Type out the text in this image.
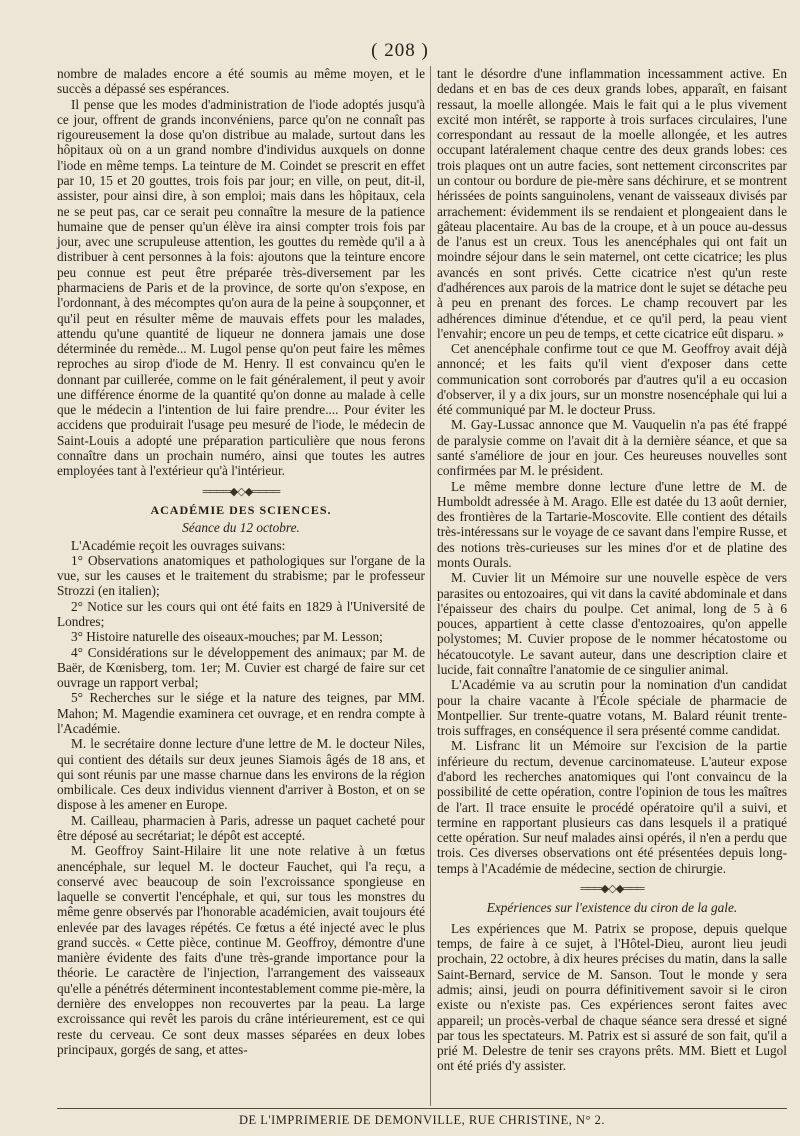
( 208 )

nombre de malades encore a été soumis au même moyen, et le succès a dépassé ses espérances.

Il pense que les modes d'administration de l'iode adoptés jusqu'à ce jour, offrent de grands inconvéniens, parce qu'on ne connaît pas rigoureusement la dose qu'on distribue au malade, surtout dans les hôpitaux où on a un grand nombre d'individus auxquels on donne l'iode en même temps. La teinture de M. Coindet se prescrit en effet par 10, 15 et 20 gouttes, trois fois par jour; en ville, on peut, dit-il, assister, pour ainsi dire, à son emploi; mais dans les hôpitaux, cela ne se peut pas, car ce serait peu connaître la mesure de la patience humaine que de penser qu'un élève ira ainsi compter trois fois par jour, avec une scrupuleuse attention, les gouttes du remède qu'il a à distribuer à cent personnes à la fois: ajoutons que la teinture encore peu connue est peut être préparée très-diversement par les pharmaciens de Paris et de la province, de sorte qu'on s'expose, en l'ordonnant, à des mécomptes qu'on aura de la peine à soupçonner, et qu'il peut en résulter même de mauvais effets pour les malades, attendu qu'une quantité de liqueur ne donnera jamais une dose déterminée du remède... M. Lugol pense qu'on peut faire les mêmes reproches au sirop d'iode de M. Henry. Il est convaincu qu'en le donnant par cuillerée, comme on le fait généralement, il peut y avoir une différence énorme de la quantité qu'on donne au malade à celle que le médecin a l'intention de lui faire prendre.... Pour éviter les accidens que produirait l'usage peu mesuré de l'iode, le médecin de Saint-Louis a adopté une préparation particulière que nous ferons connaître dans un prochain numéro, ainsi que toutes les autres employées tant à l'extérieur qu'à l'intérieur.

════◆◇◆════
ACADÉMIE DES SCIENCES.
Séance du 12 octobre.

L'Académie reçoit les ouvrages suivans:

1° Observations anatomiques et pathologiques sur l'organe de la vue, sur les causes et le traitement du strabisme; par le professeur Strozzi (en italien);

2° Notice sur les cours qui ont été faits en 1829 à l'Université de Londres;

3° Histoire naturelle des oiseaux-mouches; par M. Lesson;

4° Considérations sur le développement des animaux; par M. de Baër, de Kœnisberg, tom. 1er; M. Cuvier est chargé de faire sur cet ouvrage un rapport verbal;

5° Recherches sur le siége et la nature des teignes, par MM. Mahon; M. Magendie examinera cet ouvrage, et en rendra compte à l'Académie.

M. le secrétaire donne lecture d'une lettre de M. le docteur Niles, qui contient des détails sur deux jeunes Siamois âgés de 18 ans, et qui sont réunis par une masse charnue dans les environs de la région ombilicale. Ces deux individus viennent d'arriver à Boston, et on se dispose à les amener en Europe.

M. Cailleau, pharmacien à Paris, adresse un paquet cacheté pour être déposé au secrétariat; le dépôt est accepté.

M. Geoffroy Saint-Hilaire lit une note relative à un fœtus anencéphale, sur lequel M. le docteur Fauchet, qui l'a reçu, a conservé avec beaucoup de soin l'excroissance spongieuse en laquelle se convertit l'encéphale, et qui, sur tous les monstres du même genre observés par l'honorable académicien, avait toujours été enlevée par des lavages répétés. Ce fœtus a été injecté avec le plus grand succès. « Cette pièce, continue M. Geoffroy, démontre d'une manière évidente des faits d'une très-grande importance pour la théorie. Le caractère de l'injection, l'arrangement des vaisseaux qu'elle a pénétrés déterminent incontestablement comme pie-mère, la dernière des enveloppes non recouvertes par la peau. La large excroissance qui revêt les parois du crâne intérieurement, est ce qui reste du cerveau. Ce sont deux masses séparées en deux lobes principaux, gorgés de sang, et attes-

tant le désordre d'une inflammation incessamment active. En dedans et en bas de ces deux grands lobes, apparaît, en faisant ressaut, la moelle allongée. Mais le fait qui a le plus vivement excité mon intérêt, se rapporte à trois surfaces circulaires, l'une correspondant au ressaut de la moelle allongée, et les autres occupant latéralement chaque centre des deux grands lobes: ces trois plaques ont un autre facies, sont nettement circonscrites par un contour ou bordure de pie-mère sans déchirure, et se montrent hérissées de points sanguinolens, venant de vaisseaux divisés par arrachement: évidemment ils se rendaient et plongeaient dans le gâteau placentaire. Au bas de la croupe, et à un pouce au-dessus de l'anus est un creux. Tous les anencéphales qui ont fait un moindre séjour dans le sein maternel, ont cette cicatrice; les plus avancés en sont privés. Cette cicatrice n'est qu'un reste d'adhérences aux parois de la matrice dont le sujet se détache peu à peu en prenant des forces. Le champ recouvert par les adhérences diminue d'étendue, et ce qu'il perd, la peau vient l'envahir; encore un peu de temps, et cette cicatrice eût disparu. »

Cet anencéphale confirme tout ce que M. Geoffroy avait déjà annoncé; et les faits qu'il vient d'exposer dans cette communication sont corroborés par d'autres qu'il a eu occasion d'observer, il y a dix jours, sur un monstre nosencéphale qui lui a été communiqué par M. le docteur Pruss.

M. Gay-Lussac annonce que M. Vauquelin n'a pas été frappé de paralysie comme on l'avait dit à la dernière séance, et que sa santé s'améliore de jour en jour. Ces heureuses nouvelles sont confirmées par M. le président.

Le même membre donne lecture d'une lettre de M. de Humboldt adressée à M. Arago. Elle est datée du 13 août dernier, des frontières de la Tartarie-Moscovite. Elle contient des détails très-intéressans sur le voyage de ce savant dans l'empire Russe, et des notions très-curieuses sur les mines d'or et de platine des monts Ourals.

M. Cuvier lit un Mémoire sur une nouvelle espèce de vers parasites ou entozoaires, qui vit dans la cavité abdominale et dans l'épaisseur des chairs du poulpe. Cet animal, long de 5 à 6 pouces, appartient à cette classe d'entozoaires, qu'on appelle polystomes; M. Cuvier propose de le nommer hécatostome ou hécatoucotyle. Le savant auteur, dans une description claire et lucide, fait connaître l'anatomie de ce singulier animal.

L'Académie va au scrutin pour la nomination d'un candidat pour la chaire vacante à l'École spéciale de pharmacie de Montpellier. Sur trente-quatre votans, M. Balard réunit trente-trois suffrages, en conséquence il sera présenté comme candidat.

M. Lisfranc lit un Mémoire sur l'excision de la partie inférieure du rectum, devenue carcinomateuse. L'auteur expose d'abord les recherches anatomiques qui l'ont convaincu de la possibilité de cette opération, contre l'opinion de tous les maîtres de l'art. Il trace ensuite le procédé opératoire qu'il a suivi, et termine en rapportant plusieurs cas dans lesquels il a pratiqué cette opération. Sur neuf malades ainsi opérés, il n'en a perdu que trois. Ces diverses observations ont été présentées depuis long-temps à l'Académie de médecine, section de chirurgie.

═══◆◇◆═══
Expériences sur l'existence du ciron de la gale.

Les expériences que M. Patrix se propose, depuis quelque temps, de faire à ce sujet, à l'Hôtel-Dieu, auront lieu jeudi prochain, 22 octobre, à dix heures précises du matin, dans la salle Saint-Bernard, service de M. Sanson. Tout le monde y sera admis; ainsi, jeudi on pourra définitivement savoir si le ciron existe ou n'existe pas. Ces expériences seront faites avec appareil; un procès-verbal de chaque séance sera dressé et signé par tous les spectateurs. M. Patrix est si assuré de son fait, qu'il a prié M. Delestre de tenir ses crayons prêts. MM. Biett et Lugol ont été priés d'y assister.

DE L'IMPRIMERIE DE DEMONVILLE, RUE CHRISTINE, N° 2.
